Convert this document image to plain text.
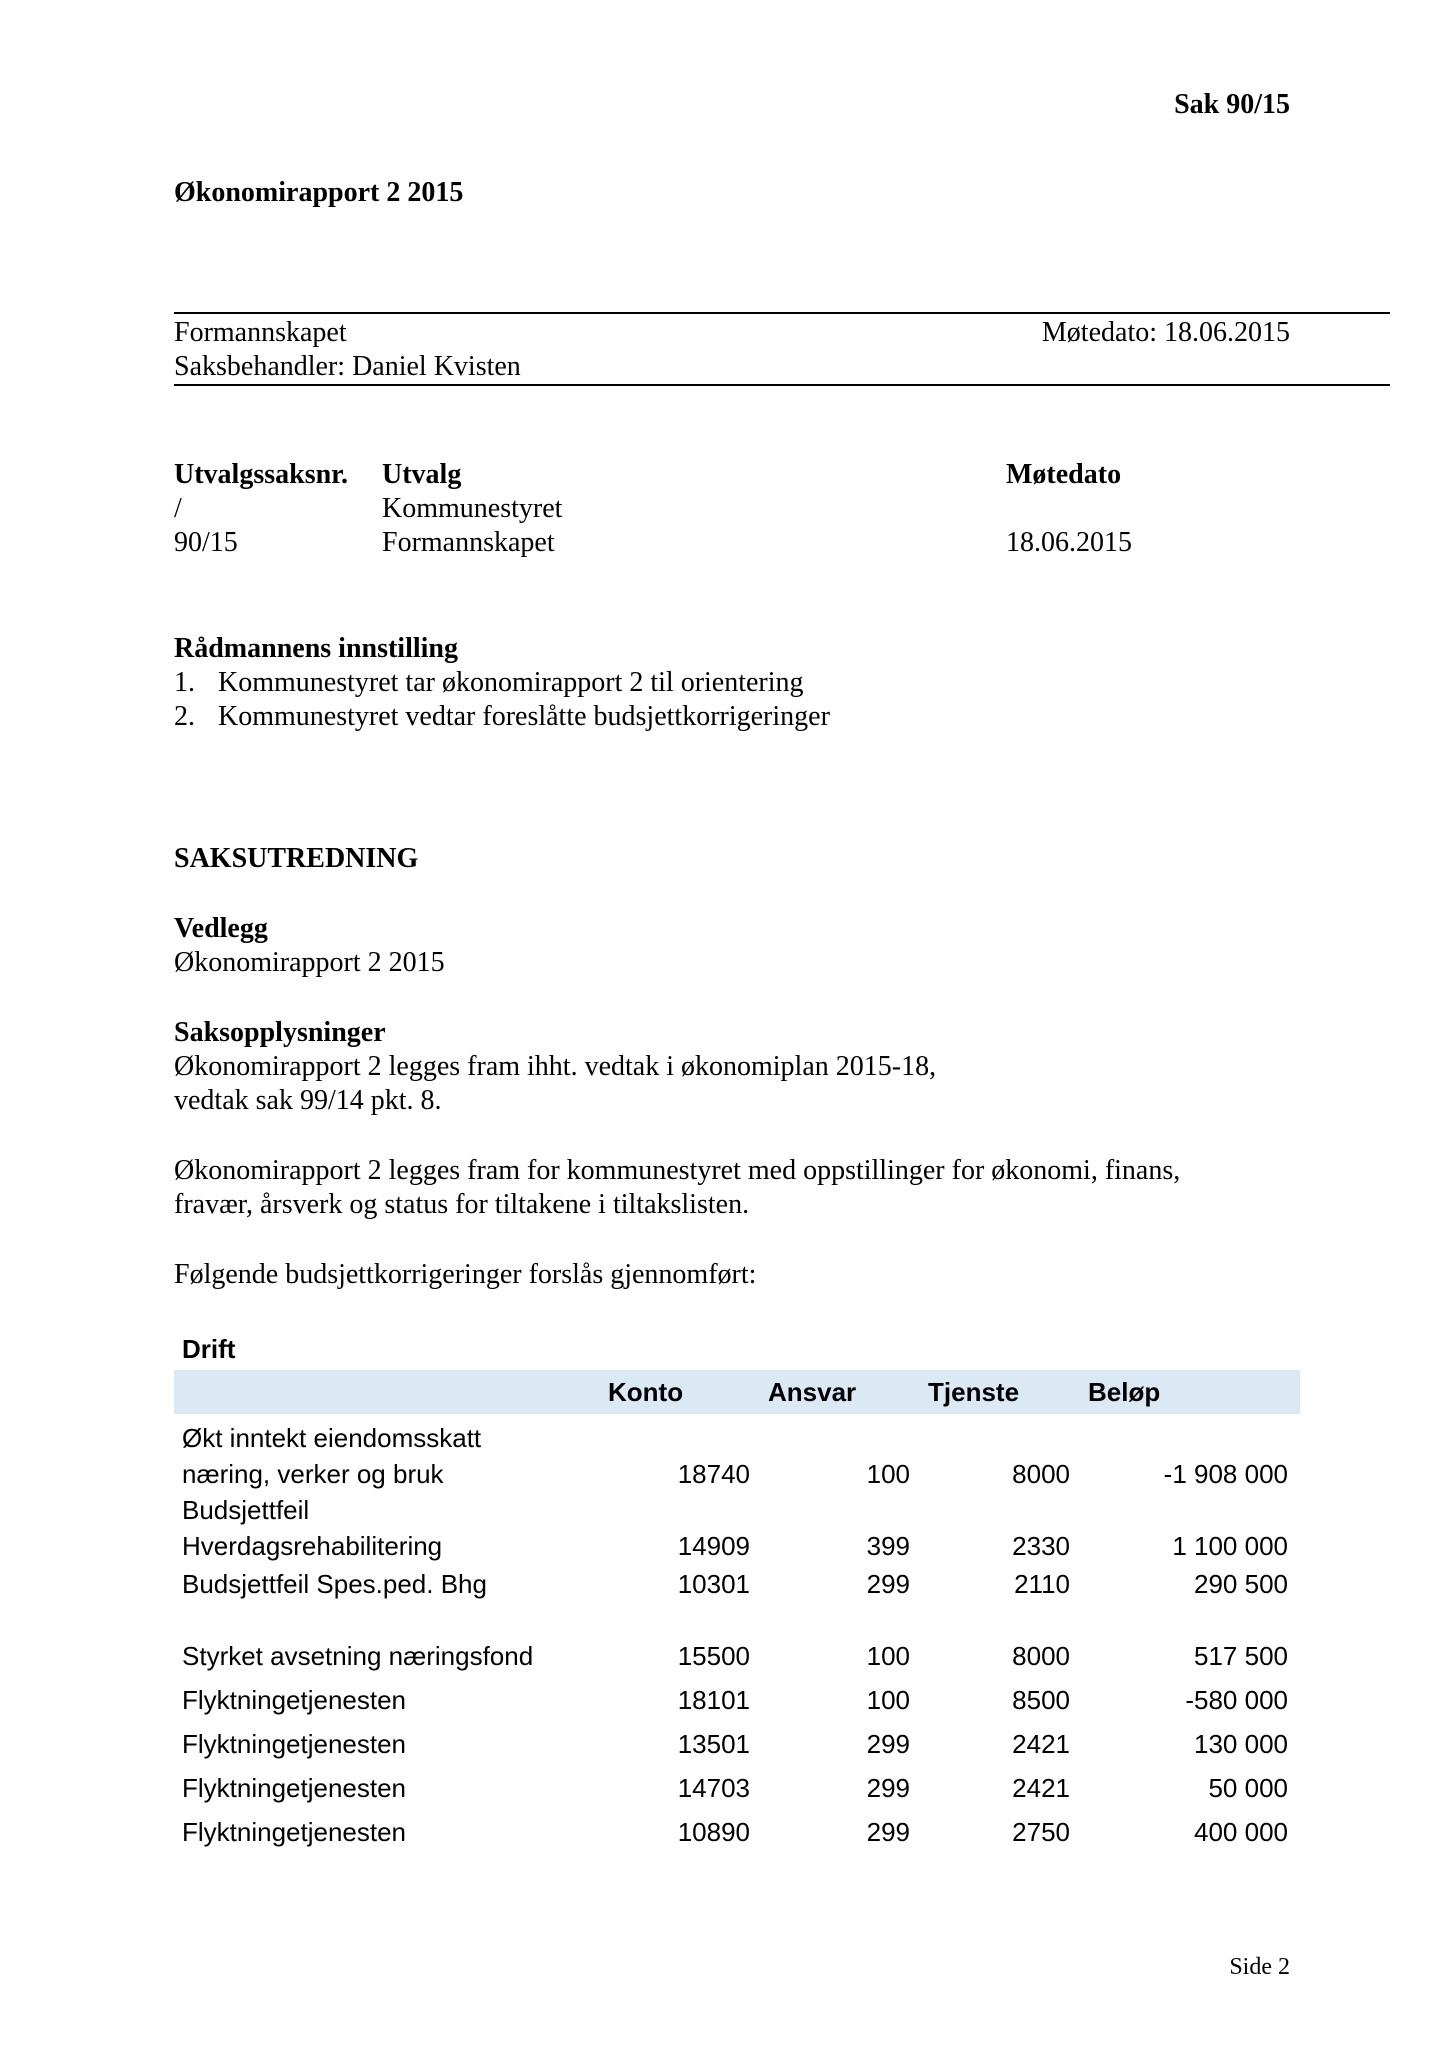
Sak 90/15
Økonomirapport 2 2015
Formannskapet	Møtedato: 18.06.2015
Saksbehandler: Daniel Kvisten
Utvalgssaksnr. Utvalg	Møtedato
/	Kommunestyret
90/15	Formannskapet	18.06.2015
Rådmannens innstilling
1. Kommunestyret tar økonomirapport 2 til orientering
2. Kommunestyret vedtar foreslåtte budsjettkorrigeringer
SAKSUTREDNING
Vedlegg
Økonomirapport 2 2015
Saksopplysninger
Økonomirapport 2 legges fram ihht. vedtak i økonomiplan 2015-18,
vedtak sak 99/14 pkt. 8.
Økonomirapport 2 legges fram for kommunestyret med oppstillinger for økonomi, finans,
fravær, årsverk og status for tiltakene i tiltakslisten.
Følgende budsjettkorrigeringer forslås gjennomført:
Drift
Konto	Ansvar	Tjenste	Beløp
Økt inntekt eiendomsskatt
næring, verker og bruk	18740	100	8000	-1 908 000
Budsjettfeil
Hverdagsrehabilitering	14909	399	2330	1 100 000
Budsjettfeil Spes.ped. Bhg	10301	299	2110	290 500
Styrket avsetning næringsfond	15500	100	8000	517 500
Flyktningetjenesten	18101	100	8500	-580 000
Flyktningetjenesten	13501	299	2421	130 000
Flyktningetjenesten	14703	299	2421	50 000
Flyktningetjenesten	10890	299	2750	400 000
Side 2
